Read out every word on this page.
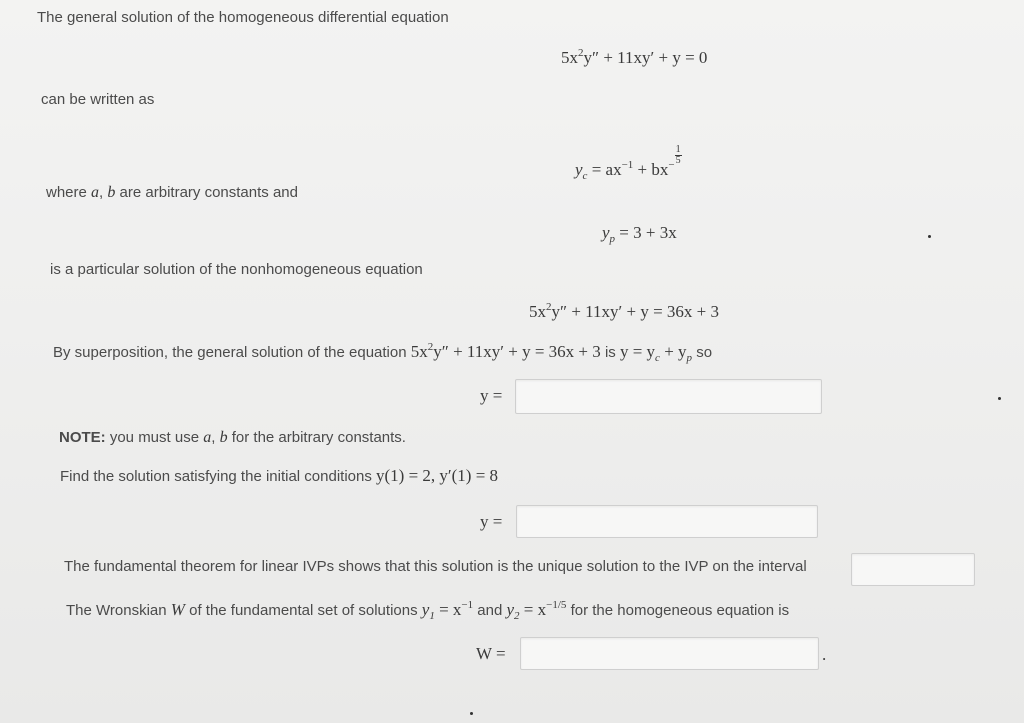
The general solution of the homogeneous differential equation
$5x^2y'' + 11xy' + y = 0$
can be written as
$y_c = ax^{-1} + bx^- \frac{1}{5}$
where a, b are arbitrary constants and
$y_p = 3 + 3x$
is a particular solution of the nonhomogeneous equation
$5x^2y'' + 11xy' + y = 36x + 3$
By superposition, the general solution of the equation $5x^2y'' + 11xy' + y = 36x + 3$ is $y = y_c + y_p$ so
y =
NOTE: you must use a, b for the arbitrary constants.
Find the solution satisfying the initial conditions y(1) = 2, y′(1) = 8
y =
The fundamental theorem for linear IVPs shows that this solution is the unique solution to the IVP on the interval
The Wronskian W of the fundamental set of solutions $y_1 = x^{-1}$ and $y_2 = x^{-1/5}$ for the homogeneous equation is
W =	.
